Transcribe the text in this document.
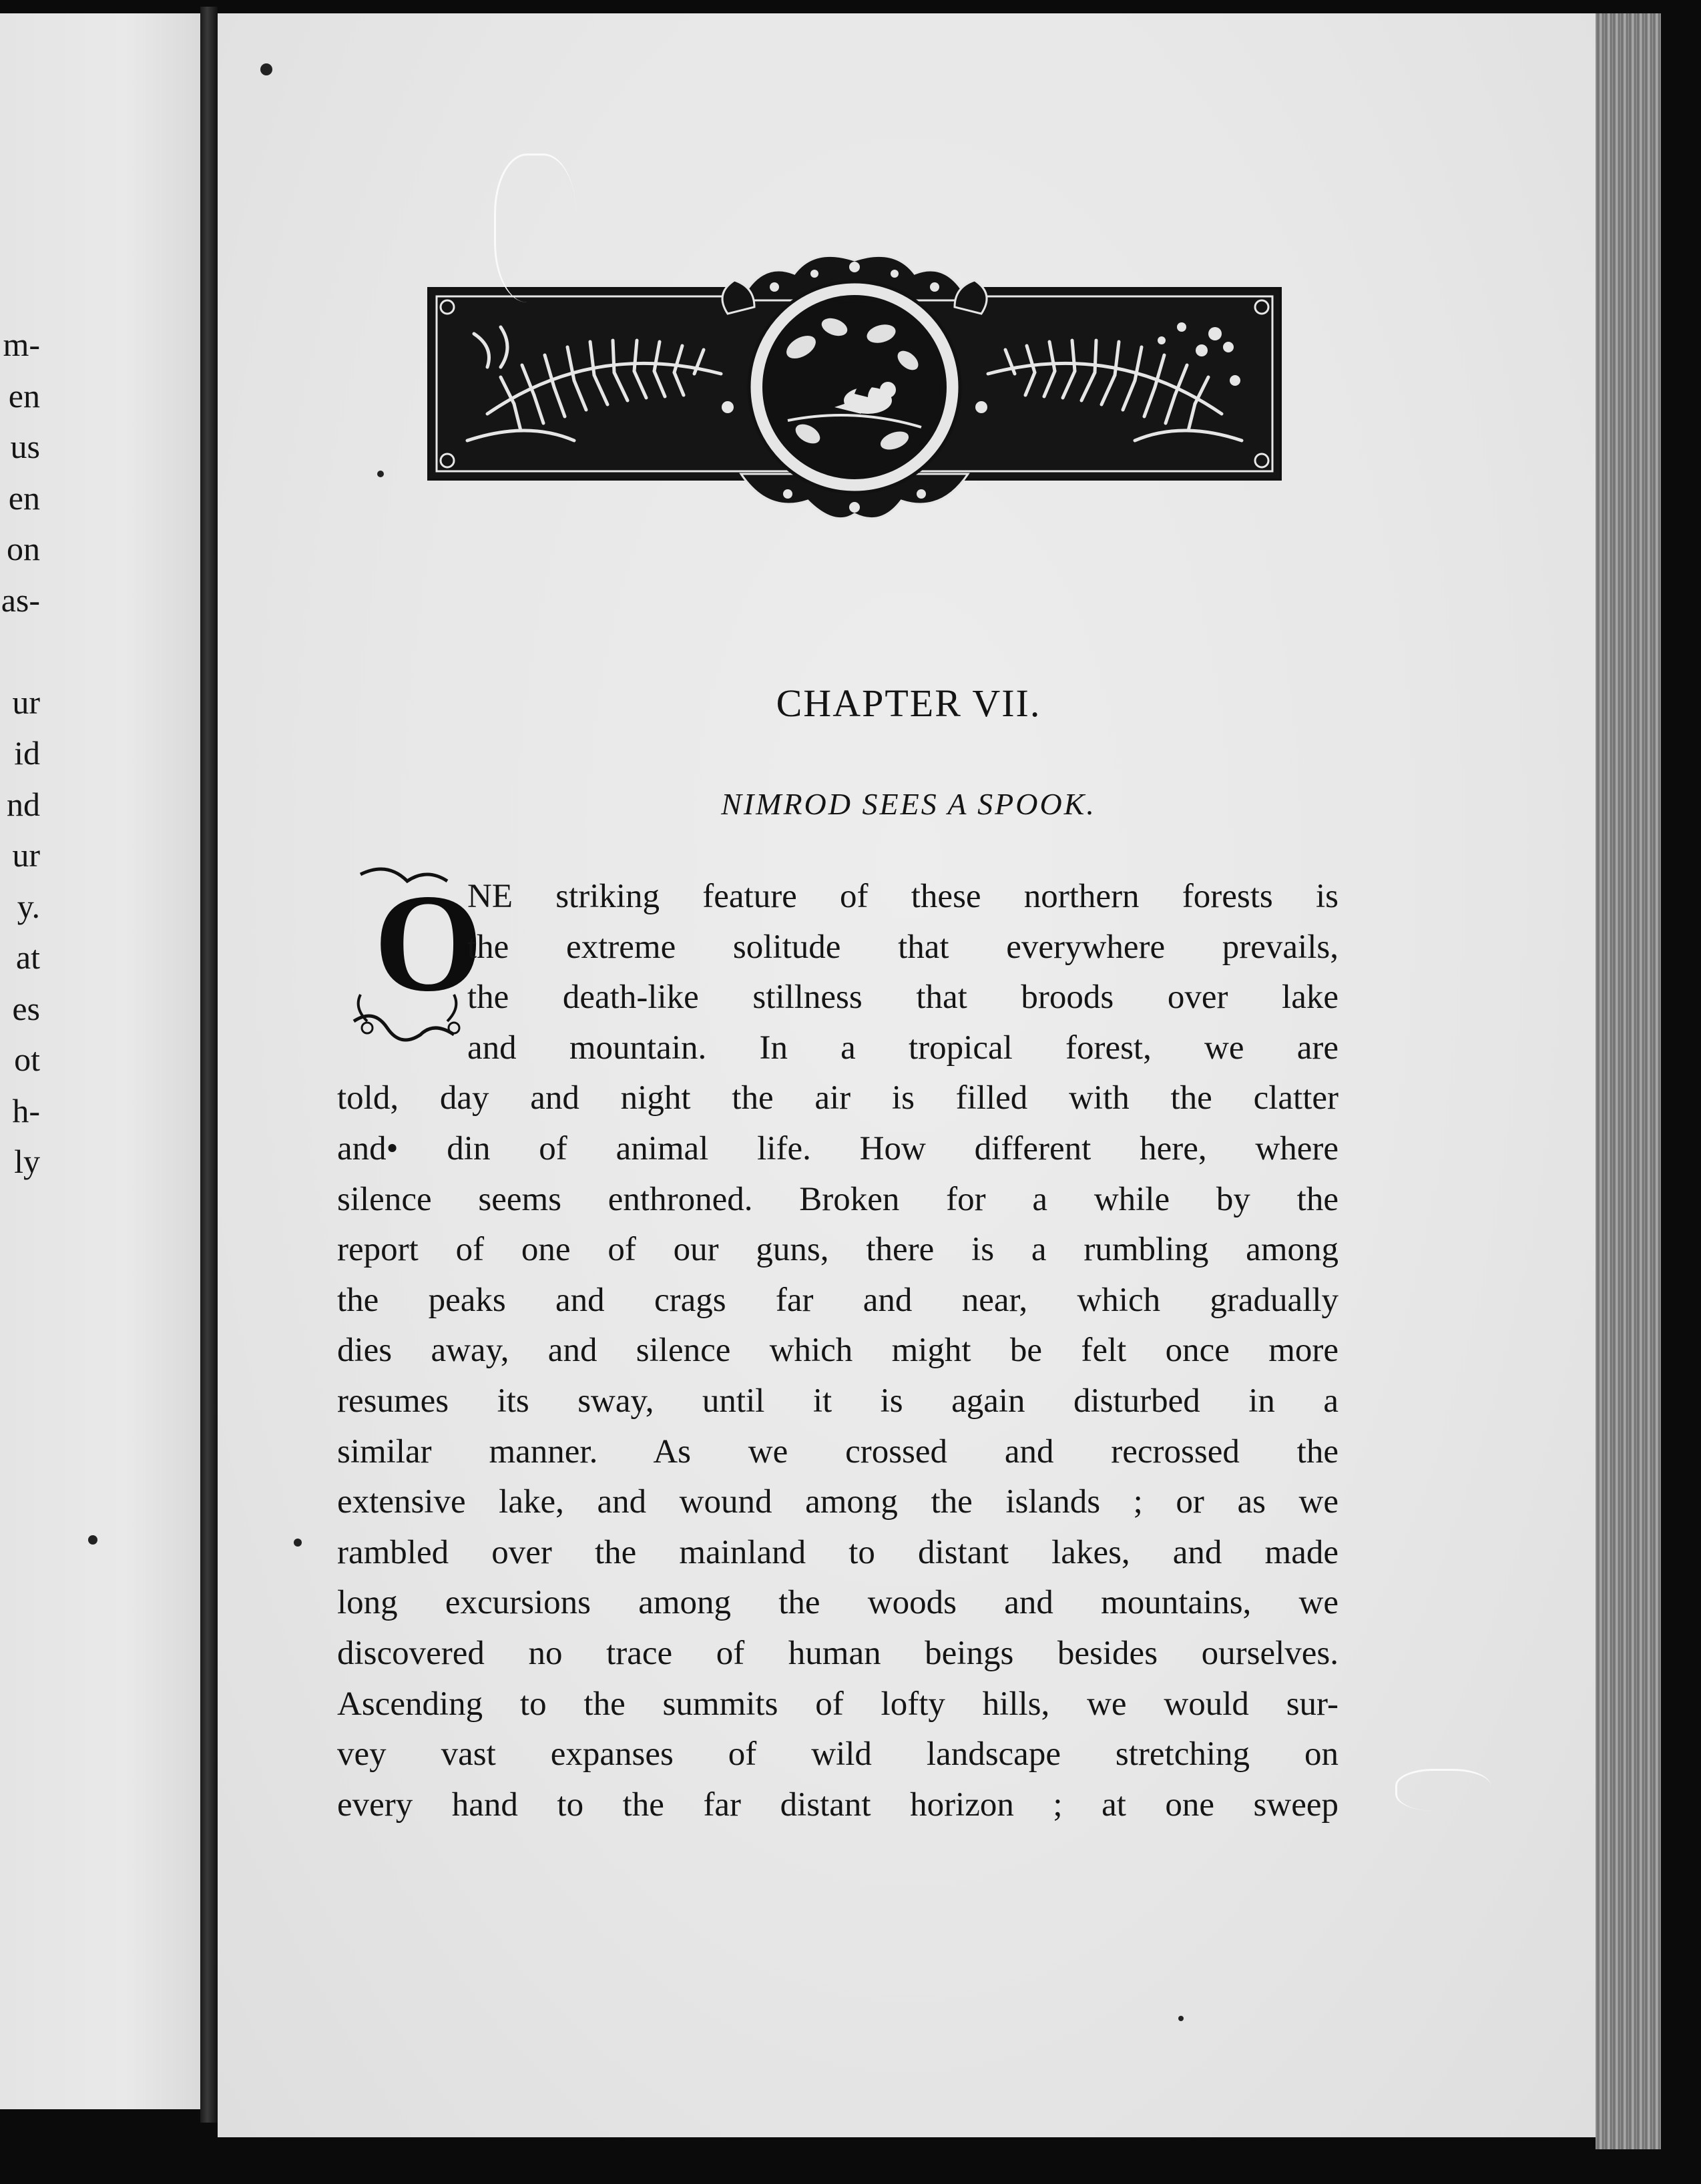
m-
en
us
en
on
as-
ur
id
nd
ur
y.
at
es
ot
h-
ly
CHAPTER VII.
NIMROD SEES A SPOOK.
O
NE striking feature of these northern forests is
the extreme solitude that everywhere prevails,
the death-like stillness that broods over lake
and mountain. In a tropical forest, we are
told, day and night the air is filled with the clatter
and• din of animal life. How different here, where
silence seems enthroned. Broken for a while by the
report of one of our guns, there is a rumbling among
the peaks and crags far and near, which gradually
dies away, and silence which might be felt once more
resumes its sway, until it is again disturbed in a
similar manner. As we crossed and recrossed the
extensive lake, and wound among the islands ; or as we
rambled over the mainland to distant lakes, and made
long excursions among the woods and mountains, we
discovered no trace of human beings besides ourselves.
Ascending to the summits of lofty hills, we would sur-
vey vast expanses of wild landscape stretching on
every hand to the far distant horizon ; at one sweep
